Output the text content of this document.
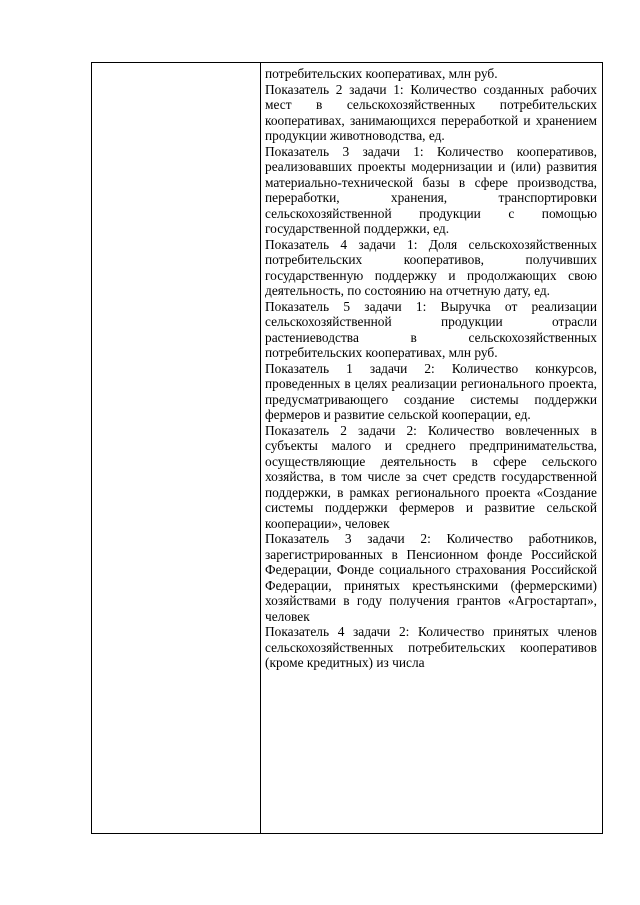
потребительских кооперативах, млн руб.

Показатель 2 задачи 1: Количество созданных рабочих мест в сельскохозяйственных потребительских кооперативах, занимающихся переработкой и хранением продукции животноводства, ед.

Показатель 3 задачи 1: Количество кооперативов, реализовавших проекты модернизации и (или) развития материально-технической базы в сфере производства, переработки, хранения, транспортировки сельскохозяйственной продукции с помощью государственной поддержки, ед.

Показатель 4 задачи 1: Доля сельскохозяйственных потребительских кооперативов, получивших государственную поддержку и продолжающих свою деятельность, по состоянию на отчетную дату, ед.

Показатель 5 задачи 1: Выручка от реализации сельскохозяйственной продукции отрасли растениеводства в сельскохозяйственных потребительских кооперативах, млн руб.

Показатель 1 задачи 2: Количество конкурсов, проведенных в целях реализации регионального проекта, предусматривающего создание системы поддержки фермеров и развитие сельской кооперации, ед.

Показатель 2 задачи 2: Количество вовлеченных в субъекты малого и среднего предпринимательства, осуществляющие деятельность в сфере сельского хозяйства, в том числе за счет средств государственной поддержки, в рамках регионального проекта «Создание системы поддержки фермеров и развитие сельской кооперации», человек

Показатель 3 задачи 2: Количество работников, зарегистрированных в Пенсионном фонде Российской Федерации, Фонде социального страхования Российской Федерации, принятых крестьянскими (фермерскими) хозяйствами в году получения грантов «Агростартап», человек

Показатель 4 задачи 2: Количество принятых членов сельскохозяйственных потребительских кооперативов (кроме кредитных) из числа
